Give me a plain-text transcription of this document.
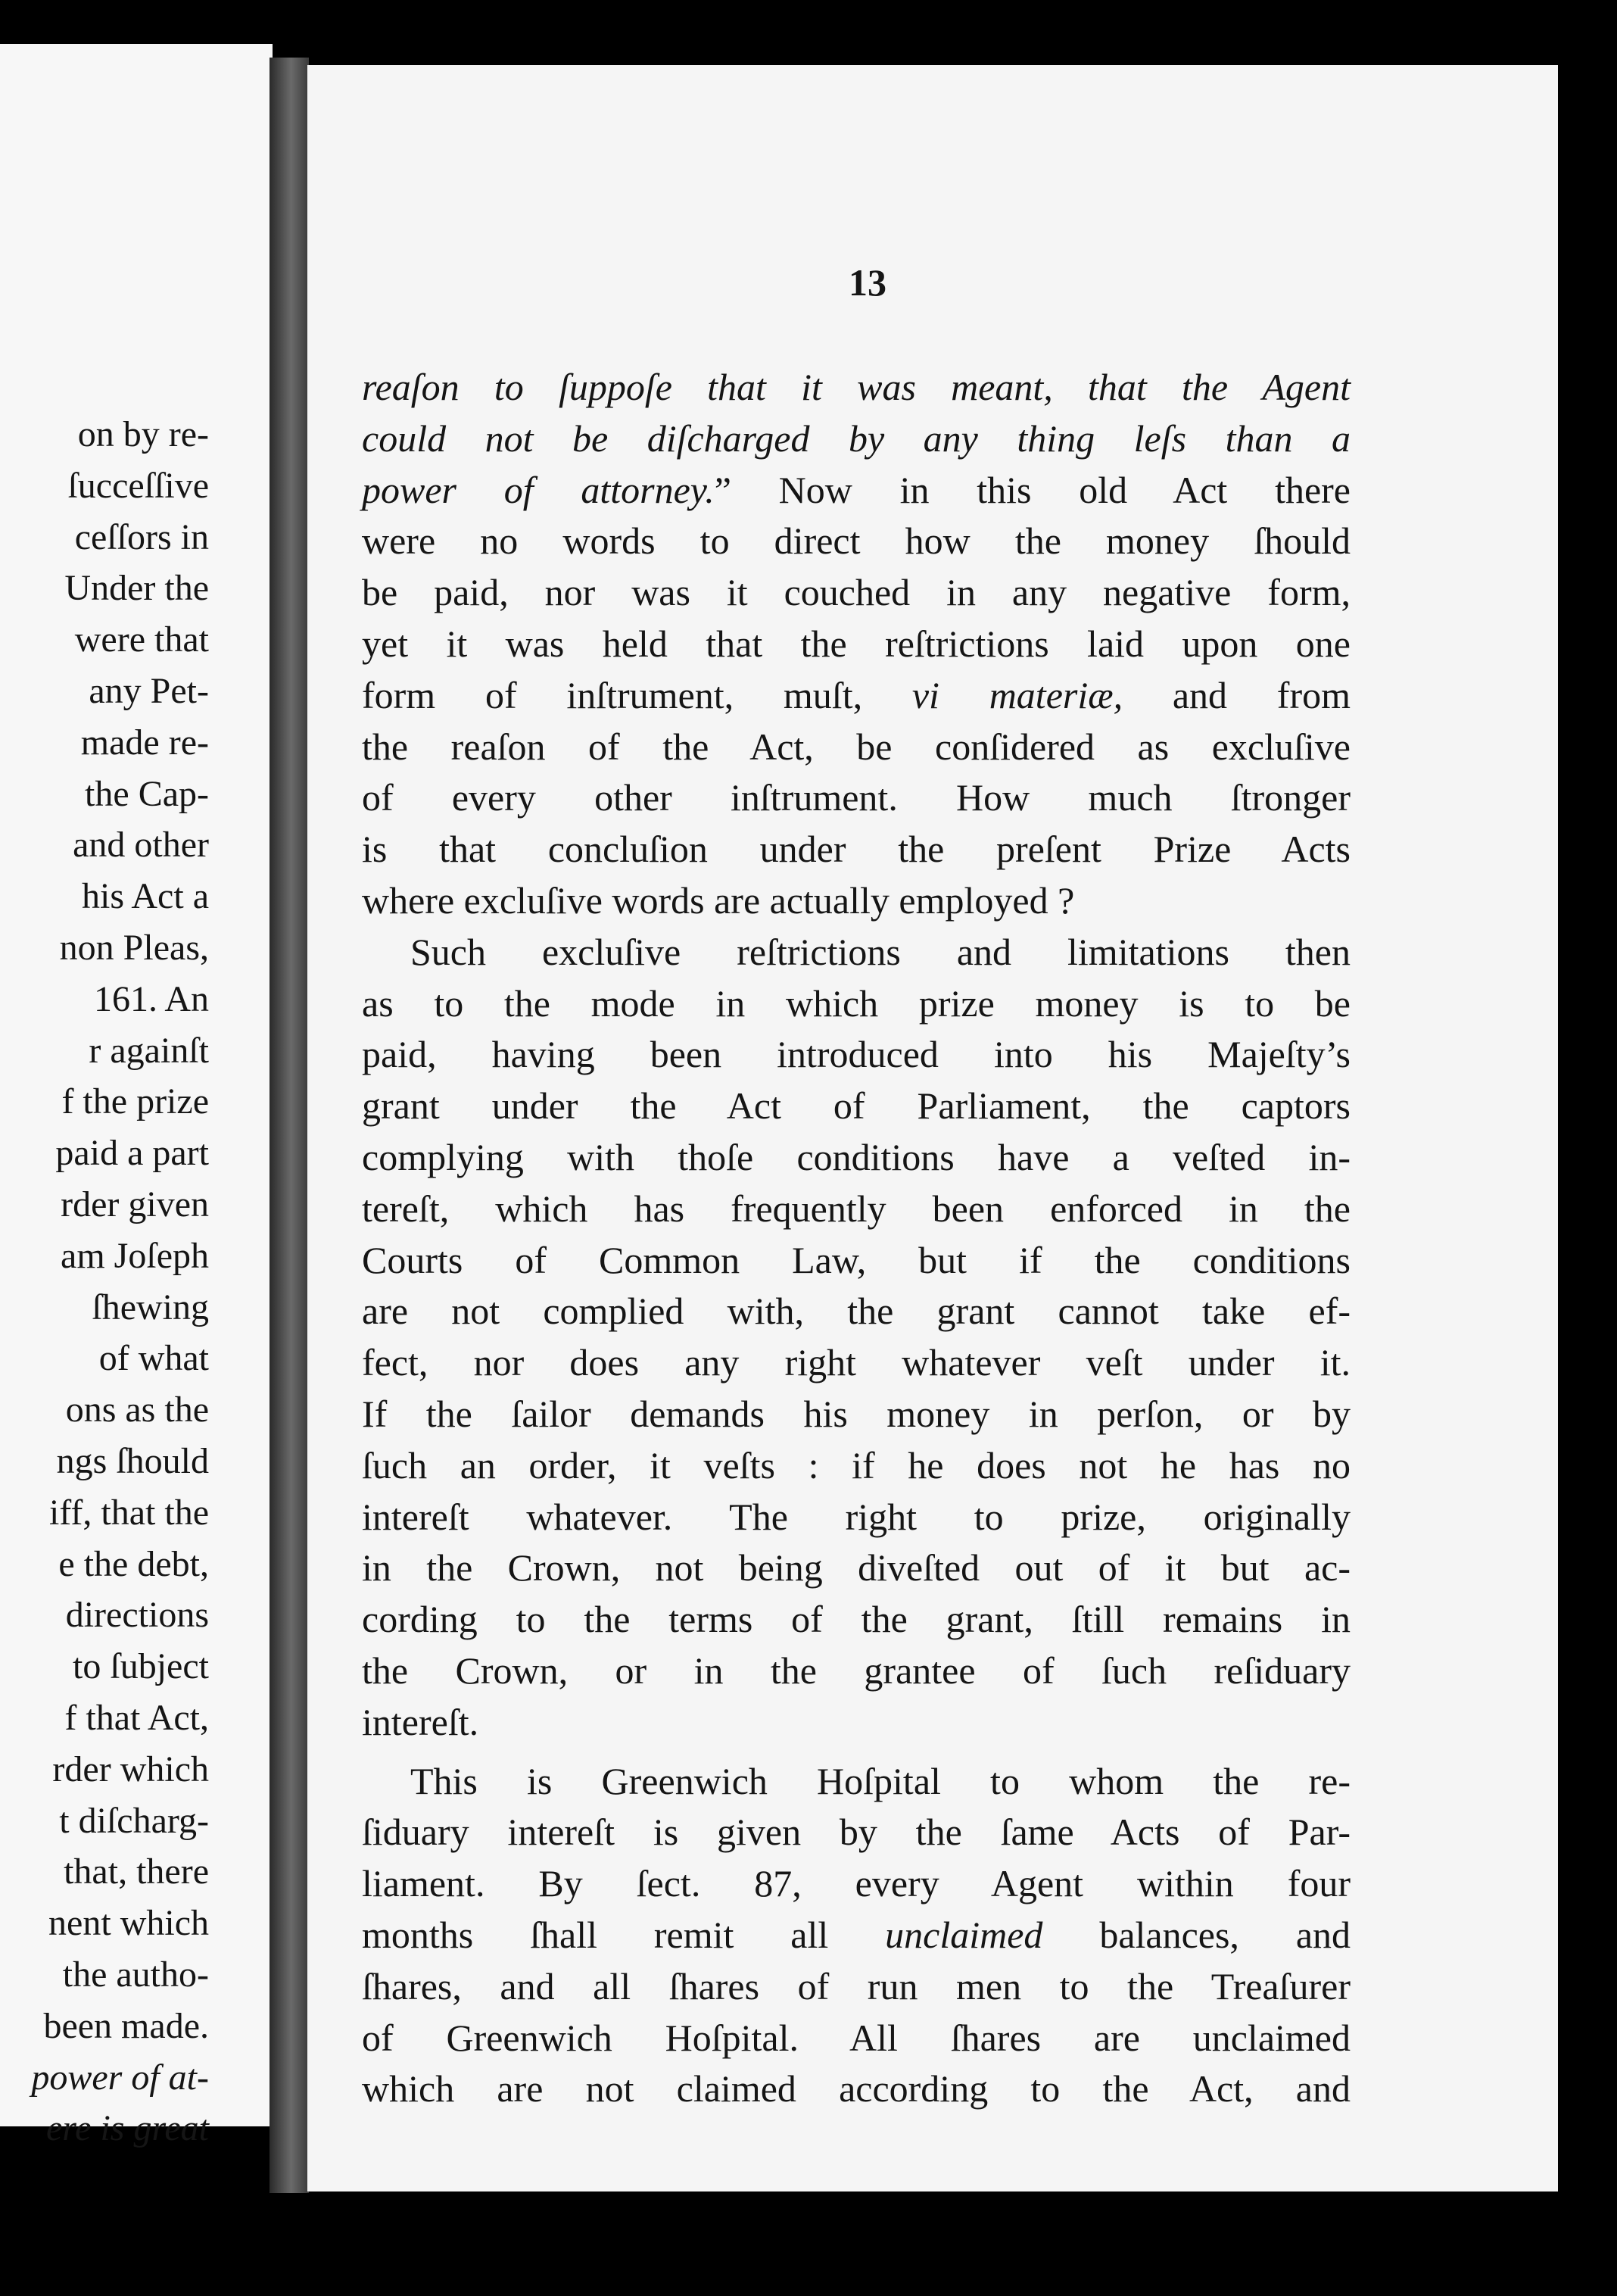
on by re-
ſucceſſive
ceſſors in
Under the
were that
any Pet-
made re-
the Cap-
and other
his Act a
non Pleas,
161. An
r againſt
f the prize
paid a part
rder given
am Joſeph
ſhewing
of what
ons as the
ngs ſhould
iff, that the
e the debt,
directions
to ſubject
f that Act,
rder which
t diſcharg-
that, there
nent which
the autho-
been made.
power of at-
ere is great
13
reaſon to ſuppoſe that it was meant, that the Agent
could not be diſcharged by any thing leſs than a
power of attorney.” Now in this old Act there
were no words to direct how the money ſhould
be paid, nor was it couched in any negative form,
yet it was held that the reſtrictions laid upon one
form of inſtrument, muſt, vi materiæ, and from
the reaſon of the Act, be conſidered as excluſive
of every other inſtrument. How much ſtronger
is that concluſion under the preſent Prize Acts
where excluſive words are actually employed ?
Such excluſive reſtrictions and limitations then
as to the mode in which prize money is to be
paid, having been introduced into his Majeſty’s
grant under the Act of Parliament, the captors
complying with thoſe conditions have a veſted in-
tereſt, which has frequently been enforced in the
Courts of Common Law, but if the conditions
are not complied with, the grant cannot take ef-
fect, nor does any right whatever veſt under it.
If the ſailor demands his money in perſon, or by
ſuch an order, it veſts : if he does not he has no
intereſt whatever. The right to prize, originally
in the Crown, not being diveſted out of it but ac-
cording to the terms of the grant, ſtill remains in
the Crown, or in the grantee of ſuch reſiduary
intereſt.
This is Greenwich Hoſpital to whom the re-
ſiduary intereſt is given by the ſame Acts of Par-
liament. By ſect. 87, every Agent within four
months ſhall remit all unclaimed balances, and
ſhares, and all ſhares of run men to the Treaſurer
of Greenwich Hoſpital. All ſhares are unclaimed
which are not claimed according to the Act, and
